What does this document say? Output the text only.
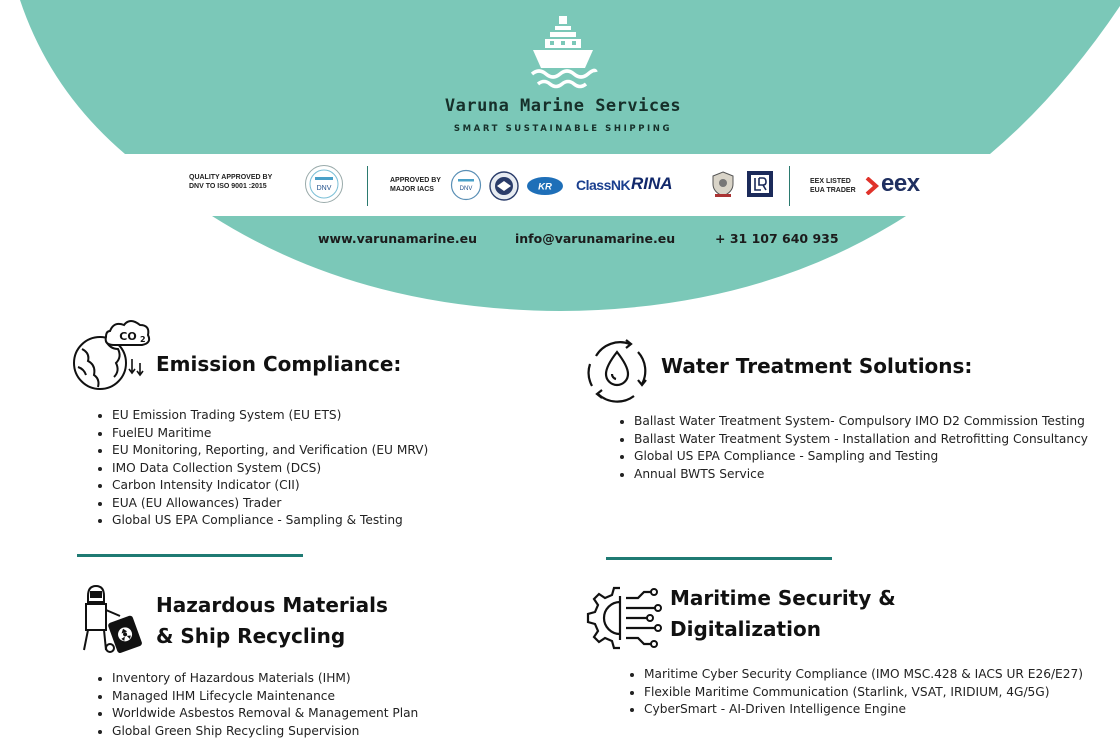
Varuna Marine Services
SMART SUSTAINABLE SHIPPING
QUALITY APPROVED BY
DNV TO ISO 9001 :2015	DNV
APPROVED BY
MAJOR IACS	DNV	KR ClassNK RINA	EEX LISTED
EUA TRADER eex
www.varunamarine.eu	info@varunamarine.eu	+ 31 107 640 935
CO 2
Emission Compliance:
EU Emission Trading System (EU ETS)
FuelEU Maritime
EU Monitoring, Reporting, and Verification (EU MRV)
IMO Data Collection System (DCS)
Carbon Intensity Indicator (CII)
EUA (EU Allowances) Trader
Global US EPA Compliance - Sampling & Testing
Water Treatment Solutions:
Ballast Water Treatment System- Compulsory IMO D2 Commission Testing
Ballast Water Treatment System - Installation and Retrofitting Consultancy
Global US EPA Compliance - Sampling and Testing
Annual BWTS Service
Hazardous Materials
& Ship Recycling
Inventory of Hazardous Materials (IHM)
Managed IHM Lifecycle Maintenance
Worldwide Asbestos Removal & Management Plan
Global Green Ship Recycling Supervision
Maritime Security &
Digitalization
Maritime Cyber Security Compliance (IMO MSC.428 & IACS UR E26/E27)
Flexible Maritime Communication (Starlink, VSAT, IRIDIUM, 4G/5G)
CyberSmart - AI-Driven Intelligence Engine
